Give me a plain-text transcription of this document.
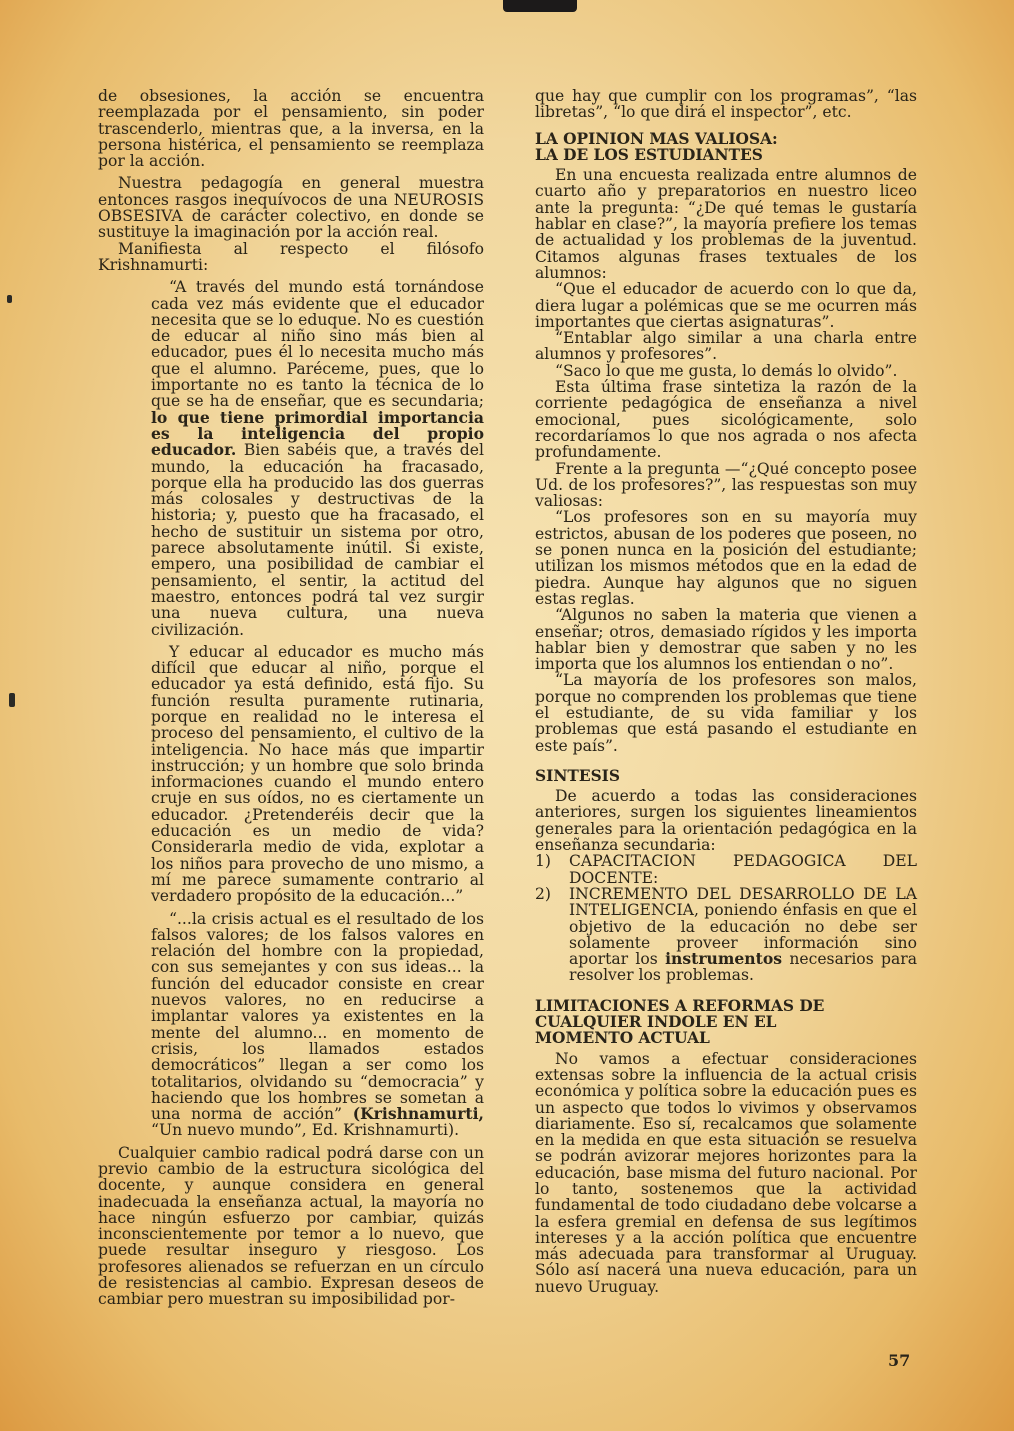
de obsesiones, la acción se encuentra reemplazada por el pensamiento, sin poder trascenderlo, mientras que, a la inversa, en la persona histérica, el pensamiento se reemplaza por la acción.

Nuestra pedagogía en general muestra entonces rasgos inequívocos de una NEUROSIS OBSESIVA de carácter colectivo, en donde se sustituye la imaginación por la acción real.

Manifiesta al respecto el filósofo Krishnamurti:

“A través del mundo está tornándose cada vez más evidente que el educador necesita que se lo eduque. No es cuestión de educar al niño sino más bien al educador, pues él lo necesita mucho más que el alumno. Paréceme, pues, que lo importante no es tanto la técnica de lo que se ha de enseñar, que es secundaria; lo que tiene primordial importancia es la inteligencia del propio educador. Bien sabéis que, a través del mundo, la educación ha fracasado, porque ella ha producido las dos guerras más colosales y destructivas de la historia; y, puesto que ha fracasado, el hecho de sustituir un sistema por otro, parece absolutamente inútil. Si existe, empero, una posibilidad de cambiar el pensamiento, el sentir, la actitud del maestro, entonces podrá tal vez surgir una nueva cultura, una nueva civilización.

Y educar al educador es mucho más difícil que educar al niño, porque el educador ya está definido, está fijo. Su función resulta puramente rutinaria, porque en realidad no le interesa el proceso del pensamiento, el cultivo de la inteligencia. No hace más que impartir instrucción; y un hombre que solo brinda informaciones cuando el mundo entero cruje en sus oídos, no es ciertamente un educador. ¿Pretenderéis decir que la educación es un medio de vida? Considerarla medio de vida, explotar a los niños para provecho de uno mismo, a mí me parece sumamente contrario al verdadero propósito de la educación...”

“...la crisis actual es el resultado de los falsos valores; de los falsos valores en relación del hombre con la propiedad, con sus semejantes y con sus ideas... la función del educador consiste en crear nuevos valores, no en reducirse a implantar valores ya existentes en la mente del alumno... en momento de crisis, los llamados estados democráticos” llegan a ser como los totalitarios, olvidando su “democracia” y haciendo que los hombres se sometan a una norma de acción” (Krishnamurti, “Un nuevo mundo”, Ed. Krishnamurti).

Cualquier cambio radical podrá darse con un previo cambio de la estructura sicológica del docente, y aunque considera en general inadecuada la enseñanza actual, la mayoría no hace ningún esfuerzo por cambiar, quizás inconscientemente por temor a lo nuevo, que puede resultar inseguro y riesgoso. Los profesores alienados se refuerzan en un círculo de resistencias al cambio. Expresan deseos de cambiar pero muestran su imposibilidad por-

que hay que cumplir con los programas”, “las libretas”, “lo que dirá el inspector”, etc.

LA OPINION MAS VALIOSA:
LA DE LOS ESTUDIANTES

En una encuesta realizada entre alumnos de cuarto año y preparatorios en nuestro liceo ante la pregunta: “¿De qué temas le gustaría hablar en clase?”, la mayoría prefiere los temas de actualidad y los problemas de la juventud. Citamos algunas frases textuales de los alumnos:

“Que el educador de acuerdo con lo que da, diera lugar a polémicas que se me ocurren más importantes que ciertas asignaturas”.

“Entablar algo similar a una charla entre alumnos y profesores”.

“Saco lo que me gusta, lo demás lo olvido”.

Esta última frase sintetiza la razón de la corriente pedagógica de enseñanza a nivel emocional, pues sicológicamente, solo recordaríamos lo que nos agrada o nos afecta profundamente.

Frente a la pregunta —“¿Qué concepto posee Ud. de los profesores?”, las respuestas son muy valiosas:

“Los profesores son en su mayoría muy estrictos, abusan de los poderes que poseen, no se ponen nunca en la posición del estudiante; utilizan los mismos métodos que en la edad de piedra. Aunque hay algunos que no siguen estas reglas.

“Algunos no saben la materia que vienen a enseñar; otros, demasiado rígidos y les importa hablar bien y demostrar que saben y no les importa que los alumnos los entiendan o no”.

“La mayoría de los profesores son malos, porque no comprenden los problemas que tiene el estudiante, de su vida familiar y los problemas que está pasando el estudiante en este país”.

SINTESIS

De acuerdo a todas las consideraciones anteriores, surgen los siguientes lineamientos generales para la orientación pedagógica en la enseñanza secundaria:

1)	CAPACITACION PEDAGOGICA DEL DOCENTE:
2)	INCREMENTO DEL DESARROLLO DE LA INTELIGENCIA, poniendo énfasis en que el objetivo de la educación no debe ser solamente proveer información sino aportar los instrumentos necesarios para resolver los problemas.
LIMITACIONES A REFORMAS DE
CUALQUIER INDOLE EN EL
MOMENTO ACTUAL

No vamos a efectuar consideraciones extensas sobre la influencia de la actual crisis económica y política sobre la educación pues es un aspecto que todos lo vivimos y observamos diariamente. Eso sí, recalcamos que solamente en la medida en que esta situación se resuelva se podrán avizorar mejores horizontes para la educación, base misma del futuro nacional. Por lo tanto, sostenemos que la actividad fundamental de todo ciudadano debe volcarse a la esfera gremial en defensa de sus legítimos intereses y a la acción política que encuentre más adecuada para transformar al Uruguay. Sólo así nacerá una nueva educación, para un nuevo Uruguay.

57
